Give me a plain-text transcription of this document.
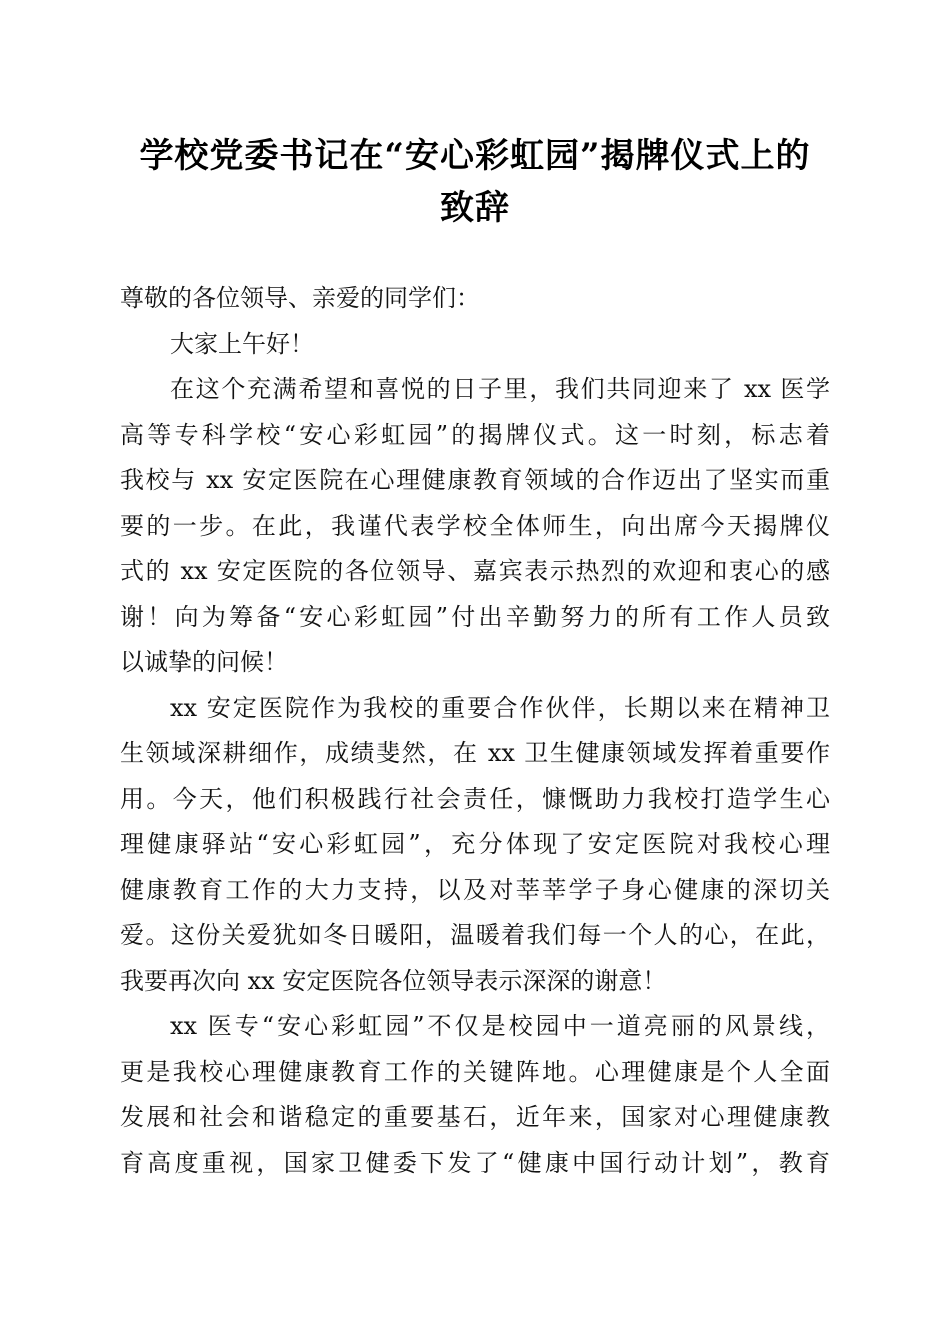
学校党委书记在“安心彩虹园”揭牌仪式上的
致辞

尊敬的各位领导、亲爱的同学们：

大家上午好！

在这个充满希望和喜悦的日子里，我们共同迎来了 xx 医学
高等专科学校“安心彩虹园”的揭牌仪式。这一时刻，标志着
我校与 xx 安定医院在心理健康教育领域的合作迈出了坚实而重
要的一步。在此，我谨代表学校全体师生，向出席今天揭牌仪
式的 xx 安定医院的各位领导、嘉宾表示热烈的欢迎和衷心的感
谢！向为筹备“安心彩虹园”付出辛勤努力的所有工作人员致
以诚挚的问候！

xx 安定医院作为我校的重要合作伙伴，长期以来在精神卫
生领域深耕细作，成绩斐然，在 xx 卫生健康领域发挥着重要作
用。今天，他们积极践行社会责任，慷慨助力我校打造学生心
理健康驿站“安心彩虹园”，充分体现了安定医院对我校心理
健康教育工作的大力支持，以及对莘莘学子身心健康的深切关
爱。这份关爱犹如冬日暖阳，温暖着我们每一个人的心，在此，
我要再次向 xx 安定医院各位领导表示深深的谢意！

xx 医专“安心彩虹园”不仅是校园中一道亮丽的风景线，
更是我校心理健康教育工作的关键阵地。心理健康是个人全面
发展和社会和谐稳定的重要基石，近年来，国家对心理健康教
育高度重视，国家卫健委下发了“健康中国行动计划”，教育
